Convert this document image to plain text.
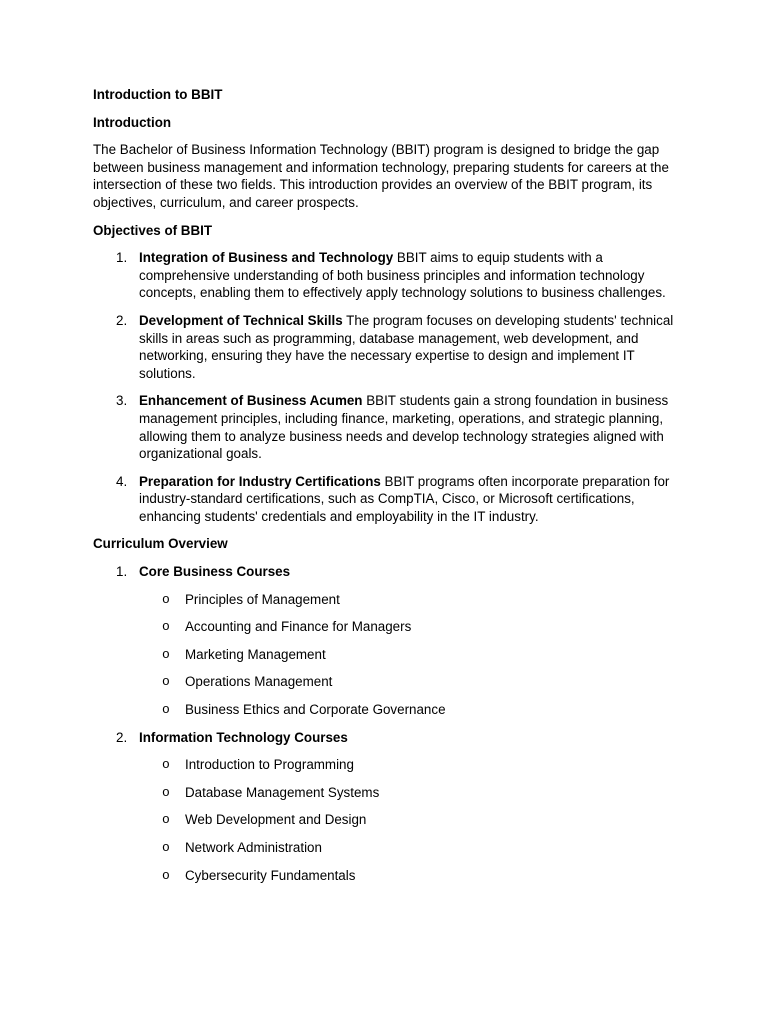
Introduction to BBIT

Introduction

The Bachelor of Business Information Technology (BBIT) program is designed to bridge the gap between business management and information technology, preparing students for careers at the intersection of these two fields. This introduction provides an overview of the BBIT program, its objectives, curriculum, and career prospects.

Objectives of BBIT

1. Integration of Business and Technology BBIT aims to equip students with a comprehensive understanding of both business principles and information technology concepts, enabling them to effectively apply technology solutions to business challenges.
2. Development of Technical Skills The program focuses on developing students' technical skills in areas such as programming, database management, web development, and networking, ensuring they have the necessary expertise to design and implement IT solutions.
3. Enhancement of Business Acumen BBIT students gain a strong foundation in business management principles, including finance, marketing, operations, and strategic planning, allowing them to analyze business needs and develop technology strategies aligned with organizational goals.
4. Preparation for Industry Certifications BBIT programs often incorporate preparation for industry-standard certifications, such as CompTIA, Cisco, or Microsoft certifications, enhancing students' credentials and employability in the IT industry.

Curriculum Overview

1. Core Business Courses
o Principles of Management
o Accounting and Finance for Managers
o Marketing Management
o Operations Management
o Business Ethics and Corporate Governance
2. Information Technology Courses
o Introduction to Programming
o Database Management Systems
o Web Development and Design
o Network Administration
o Cybersecurity Fundamentals
